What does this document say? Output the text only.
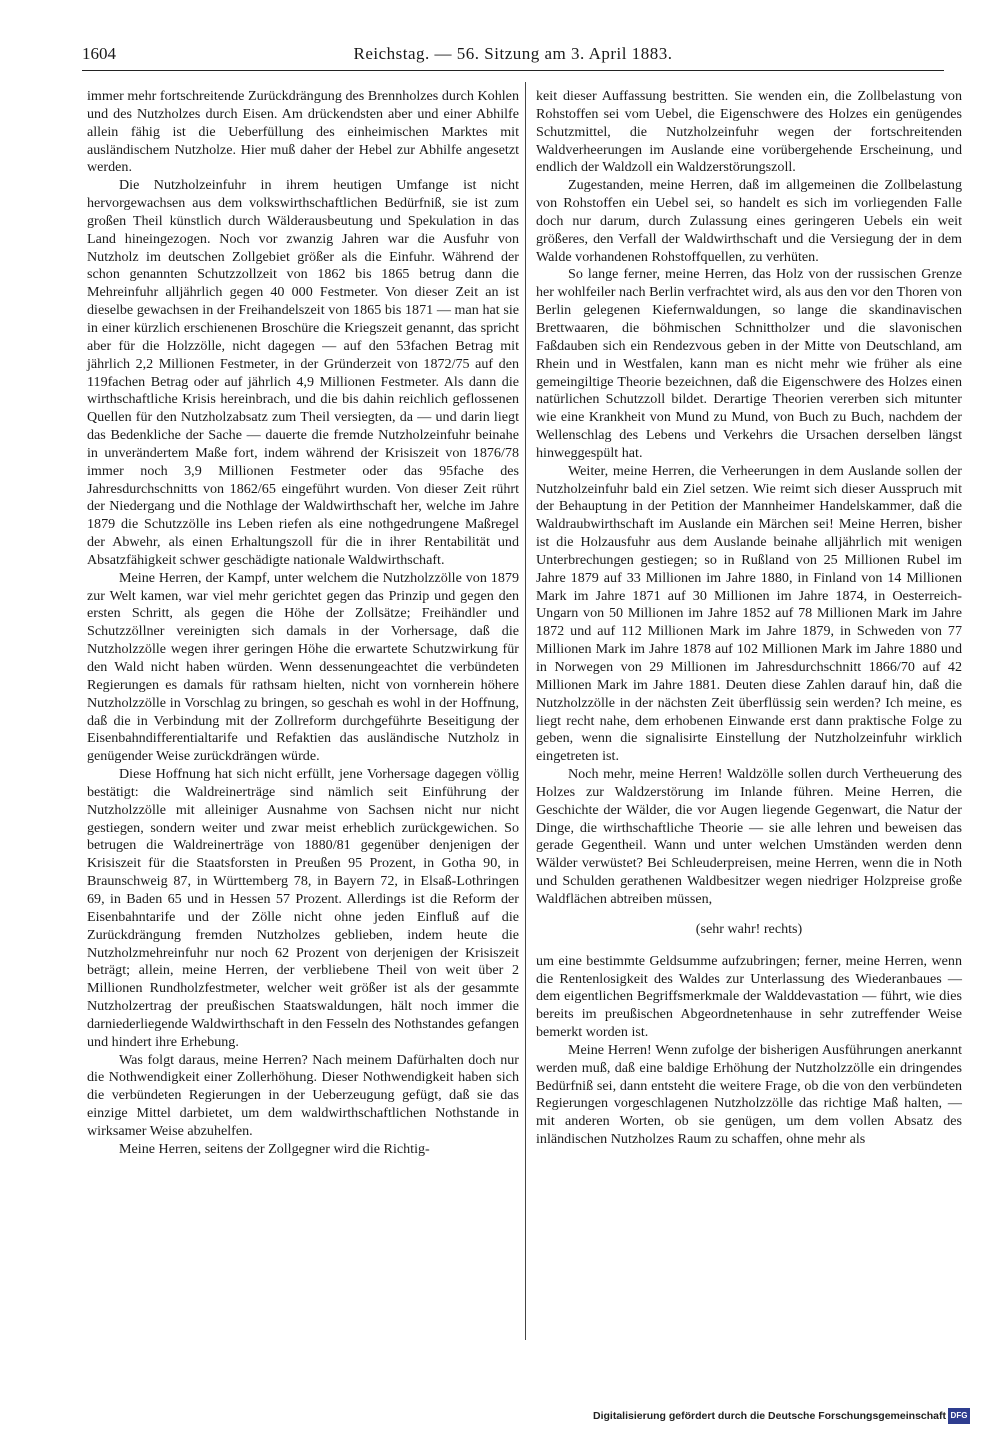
1604	Reichstag. — 56. Sitzung am 3. April 1883.

immer mehr fortschreitende Zurückdrängung des Brennholzes durch Kohlen und des Nutzholzes durch Eisen. Am drückendsten aber und einer Abhilfe allein fähig ist die Ueberfüllung des einheimischen Marktes mit ausländischem Nutzholze. Hier muß daher der Hebel zur Abhilfe angesetzt werden.

Die Nutzholzeinfuhr in ihrem heutigen Umfange ist nicht hervorgewachsen aus dem volkswirthschaftlichen Bedürfniß, sie ist zum großen Theil künstlich durch Wälderausbeutung und Spekulation in das Land hineingezogen. Noch vor zwanzig Jahren war die Ausfuhr von Nutzholz im deutschen Zollgebiet größer als die Einfuhr. Während der schon genannten Schutzzollzeit von 1862 bis 1865 betrug dann die Mehreinfuhr alljährlich gegen 40 000 Festmeter. Von dieser Zeit an ist dieselbe gewachsen in der Freihandelszeit von 1865 bis 1871 — man hat sie in einer kürzlich erschienenen Broschüre die Kriegszeit genannt, das spricht aber für die Holzzölle, nicht dagegen — auf den 53fachen Betrag mit jährlich 2,2 Millionen Festmeter, in der Gründerzeit von 1872/75 auf den 119fachen Betrag oder auf jährlich 4,9 Millionen Festmeter. Als dann die wirthschaftliche Krisis hereinbrach, und die bis dahin reichlich geflossenen Quellen für den Nutzholzabsatz zum Theil versiegten, da — und darin liegt das Bedenkliche der Sache — dauerte die fremde Nutzholzeinfuhr beinahe in unverändertem Maße fort, indem während der Krisiszeit von 1876/78 immer noch 3,9 Millionen Festmeter oder das 95fache des Jahresdurchschnitts von 1862/65 eingeführt wurden. Von dieser Zeit rührt der Niedergang und die Nothlage der Waldwirthschaft her, welche im Jahre 1879 die Schutzzölle ins Leben riefen als eine nothgedrungene Maßregel der Abwehr, als einen Erhaltungszoll für die in ihrer Rentabilität und Absatzfähigkeit schwer geschädigte nationale Waldwirthschaft.

Meine Herren, der Kampf, unter welchem die Nutzholzzölle von 1879 zur Welt kamen, war viel mehr gerichtet gegen das Prinzip und gegen den ersten Schritt, als gegen die Höhe der Zollsätze; Freihändler und Schutzzöllner vereinigten sich damals in der Vorhersage, daß die Nutzholzzölle wegen ihrer geringen Höhe die erwartete Schutzwirkung für den Wald nicht haben würden. Wenn dessenungeachtet die verbündeten Regierungen es damals für rathsam hielten, nicht von vornherein höhere Nutzholzzölle in Vorschlag zu bringen, so geschah es wohl in der Hoffnung, daß die in Verbindung mit der Zollreform durchgeführte Beseitigung der Eisenbahndifferentialtarife und Refaktien das ausländische Nutzholz in genügender Weise zurückdrängen würde.

Diese Hoffnung hat sich nicht erfüllt, jene Vorhersage dagegen völlig bestätigt: die Waldreinerträge sind nämlich seit Einführung der Nutzholzzölle mit alleiniger Ausnahme von Sachsen nicht nur nicht gestiegen, sondern weiter und zwar meist erheblich zurückgewichen. So betrugen die Waldreinerträge von 1880/81 gegenüber denjenigen der Krisiszeit für die Staatsforsten in Preußen 95 Prozent, in Gotha 90, in Braunschweig 87, in Württemberg 78, in Bayern 72, in Elsaß-Lothringen 69, in Baden 65 und in Hessen 57 Prozent. Allerdings ist die Reform der Eisenbahntarife und der Zölle nicht ohne jeden Einfluß auf die Zurückdrängung fremden Nutzholzes geblieben, indem heute die Nutzholzmehreinfuhr nur noch 62 Prozent von derjenigen der Krisiszeit beträgt; allein, meine Herren, der verbliebene Theil von weit über 2 Millionen Rundholzfestmeter, welcher weit größer ist als der gesammte Nutzholzertrag der preußischen Staatswaldungen, hält noch immer die darniederliegende Waldwirthschaft in den Fesseln des Nothstandes gefangen und hindert ihre Erhebung.

Was folgt daraus, meine Herren? Nach meinem Dafürhalten doch nur die Nothwendigkeit einer Zollerhöhung. Dieser Nothwendigkeit haben sich die verbündeten Regierungen in der Ueberzeugung gefügt, daß sie das einzige Mittel darbietet, um dem waldwirthschaftlichen Nothstande in wirksamer Weise abzuhelfen.

Meine Herren, seitens der Zollgegner wird die Richtig-

keit dieser Auffassung bestritten. Sie wenden ein, die Zollbelastung von Rohstoffen sei vom Uebel, die Eigenschwere des Holzes ein genügendes Schutzmittel, die Nutzholzeinfuhr wegen der fortschreitenden Waldverheerungen im Auslande eine vorübergehende Erscheinung, und endlich der Waldzoll ein Waldzerstörungszoll.

Zugestanden, meine Herren, daß im allgemeinen die Zollbelastung von Rohstoffen ein Uebel sei, so handelt es sich im vorliegenden Falle doch nur darum, durch Zulassung eines geringeren Uebels ein weit größeres, den Verfall der Waldwirthschaft und die Versiegung der in dem Walde vorhandenen Rohstoffquellen, zu verhüten.

So lange ferner, meine Herren, das Holz von der russischen Grenze her wohlfeiler nach Berlin verfrachtet wird, als aus den vor den Thoren von Berlin gelegenen Kiefernwaldungen, so lange die skandinavischen Brettwaaren, die böhmischen Schnittholzer und die slavonischen Faßdauben sich ein Rendezvous geben in der Mitte von Deutschland, am Rhein und in Westfalen, kann man es nicht mehr wie früher als eine gemeingiltige Theorie bezeichnen, daß die Eigenschwere des Holzes einen natürlichen Schutzzoll bildet. Derartige Theorien vererben sich mitunter wie eine Krankheit von Mund zu Mund, von Buch zu Buch, nachdem der Wellenschlag des Lebens und Verkehrs die Ursachen derselben längst hinweggespült hat.

Weiter, meine Herren, die Verheerungen in dem Auslande sollen der Nutzholzeinfuhr bald ein Ziel setzen. Wie reimt sich dieser Ausspruch mit der Behauptung in der Petition der Mannheimer Handelskammer, daß die Waldraubwirthschaft im Auslande ein Märchen sei! Meine Herren, bisher ist die Holzausfuhr aus dem Auslande beinahe alljährlich mit wenigen Unterbrechungen gestiegen; so in Rußland von 25 Millionen Rubel im Jahre 1879 auf 33 Millionen im Jahre 1880, in Finland von 14 Millionen Mark im Jahre 1871 auf 30 Millionen im Jahre 1874, in Oesterreich-Ungarn von 50 Millionen im Jahre 1852 auf 78 Millionen Mark im Jahre 1872 und auf 112 Millionen Mark im Jahre 1879, in Schweden von 77 Millionen Mark im Jahre 1878 auf 102 Millionen Mark im Jahre 1880 und in Norwegen von 29 Millionen im Jahresdurchschnitt 1866/70 auf 42 Millionen Mark im Jahre 1881. Deuten diese Zahlen darauf hin, daß die Nutzholzzölle in der nächsten Zeit überflüssig sein werden? Ich meine, es liegt recht nahe, dem erhobenen Einwande erst dann praktische Folge zu geben, wenn die signalisirte Einstellung der Nutzholzeinfuhr wirklich eingetreten ist.

Noch mehr, meine Herren! Waldzölle sollen durch Vertheuerung des Holzes zur Waldzerstörung im Inlande führen. Meine Herren, die Geschichte der Wälder, die vor Augen liegende Gegenwart, die Natur der Dinge, die wirthschaftliche Theorie — sie alle lehren und beweisen das gerade Gegentheil. Wann und unter welchen Umständen werden denn Wälder verwüstet? Bei Schleuderpreisen, meine Herren, wenn die in Noth und Schulden gerathenen Waldbesitzer wegen niedriger Holzpreise große Waldflächen abtreiben müssen,

(sehr wahr! rechts)

um eine bestimmte Geldsumme aufzubringen; ferner, meine Herren, wenn die Rentenlosigkeit des Waldes zur Unterlassung des Wiederanbaues — dem eigentlichen Begriffsmerkmale der Walddevastation — führt, wie dies bereits im preußischen Abgeordnetenhause in sehr zutreffender Weise bemerkt worden ist.

Meine Herren! Wenn zufolge der bisherigen Ausführungen anerkannt werden muß, daß eine baldige Erhöhung der Nutzholzzölle ein dringendes Bedürfniß sei, dann entsteht die weitere Frage, ob die von den verbündeten Regierungen vorgeschlagenen Nutzholzzölle das richtige Maß halten, — mit anderen Worten, ob sie genügen, um dem vollen Absatz des inländischen Nutzholzes Raum zu schaffen, ohne mehr als

Digitalisierung gefördert durch die Deutsche Forschungsgemeinschaft DFG
